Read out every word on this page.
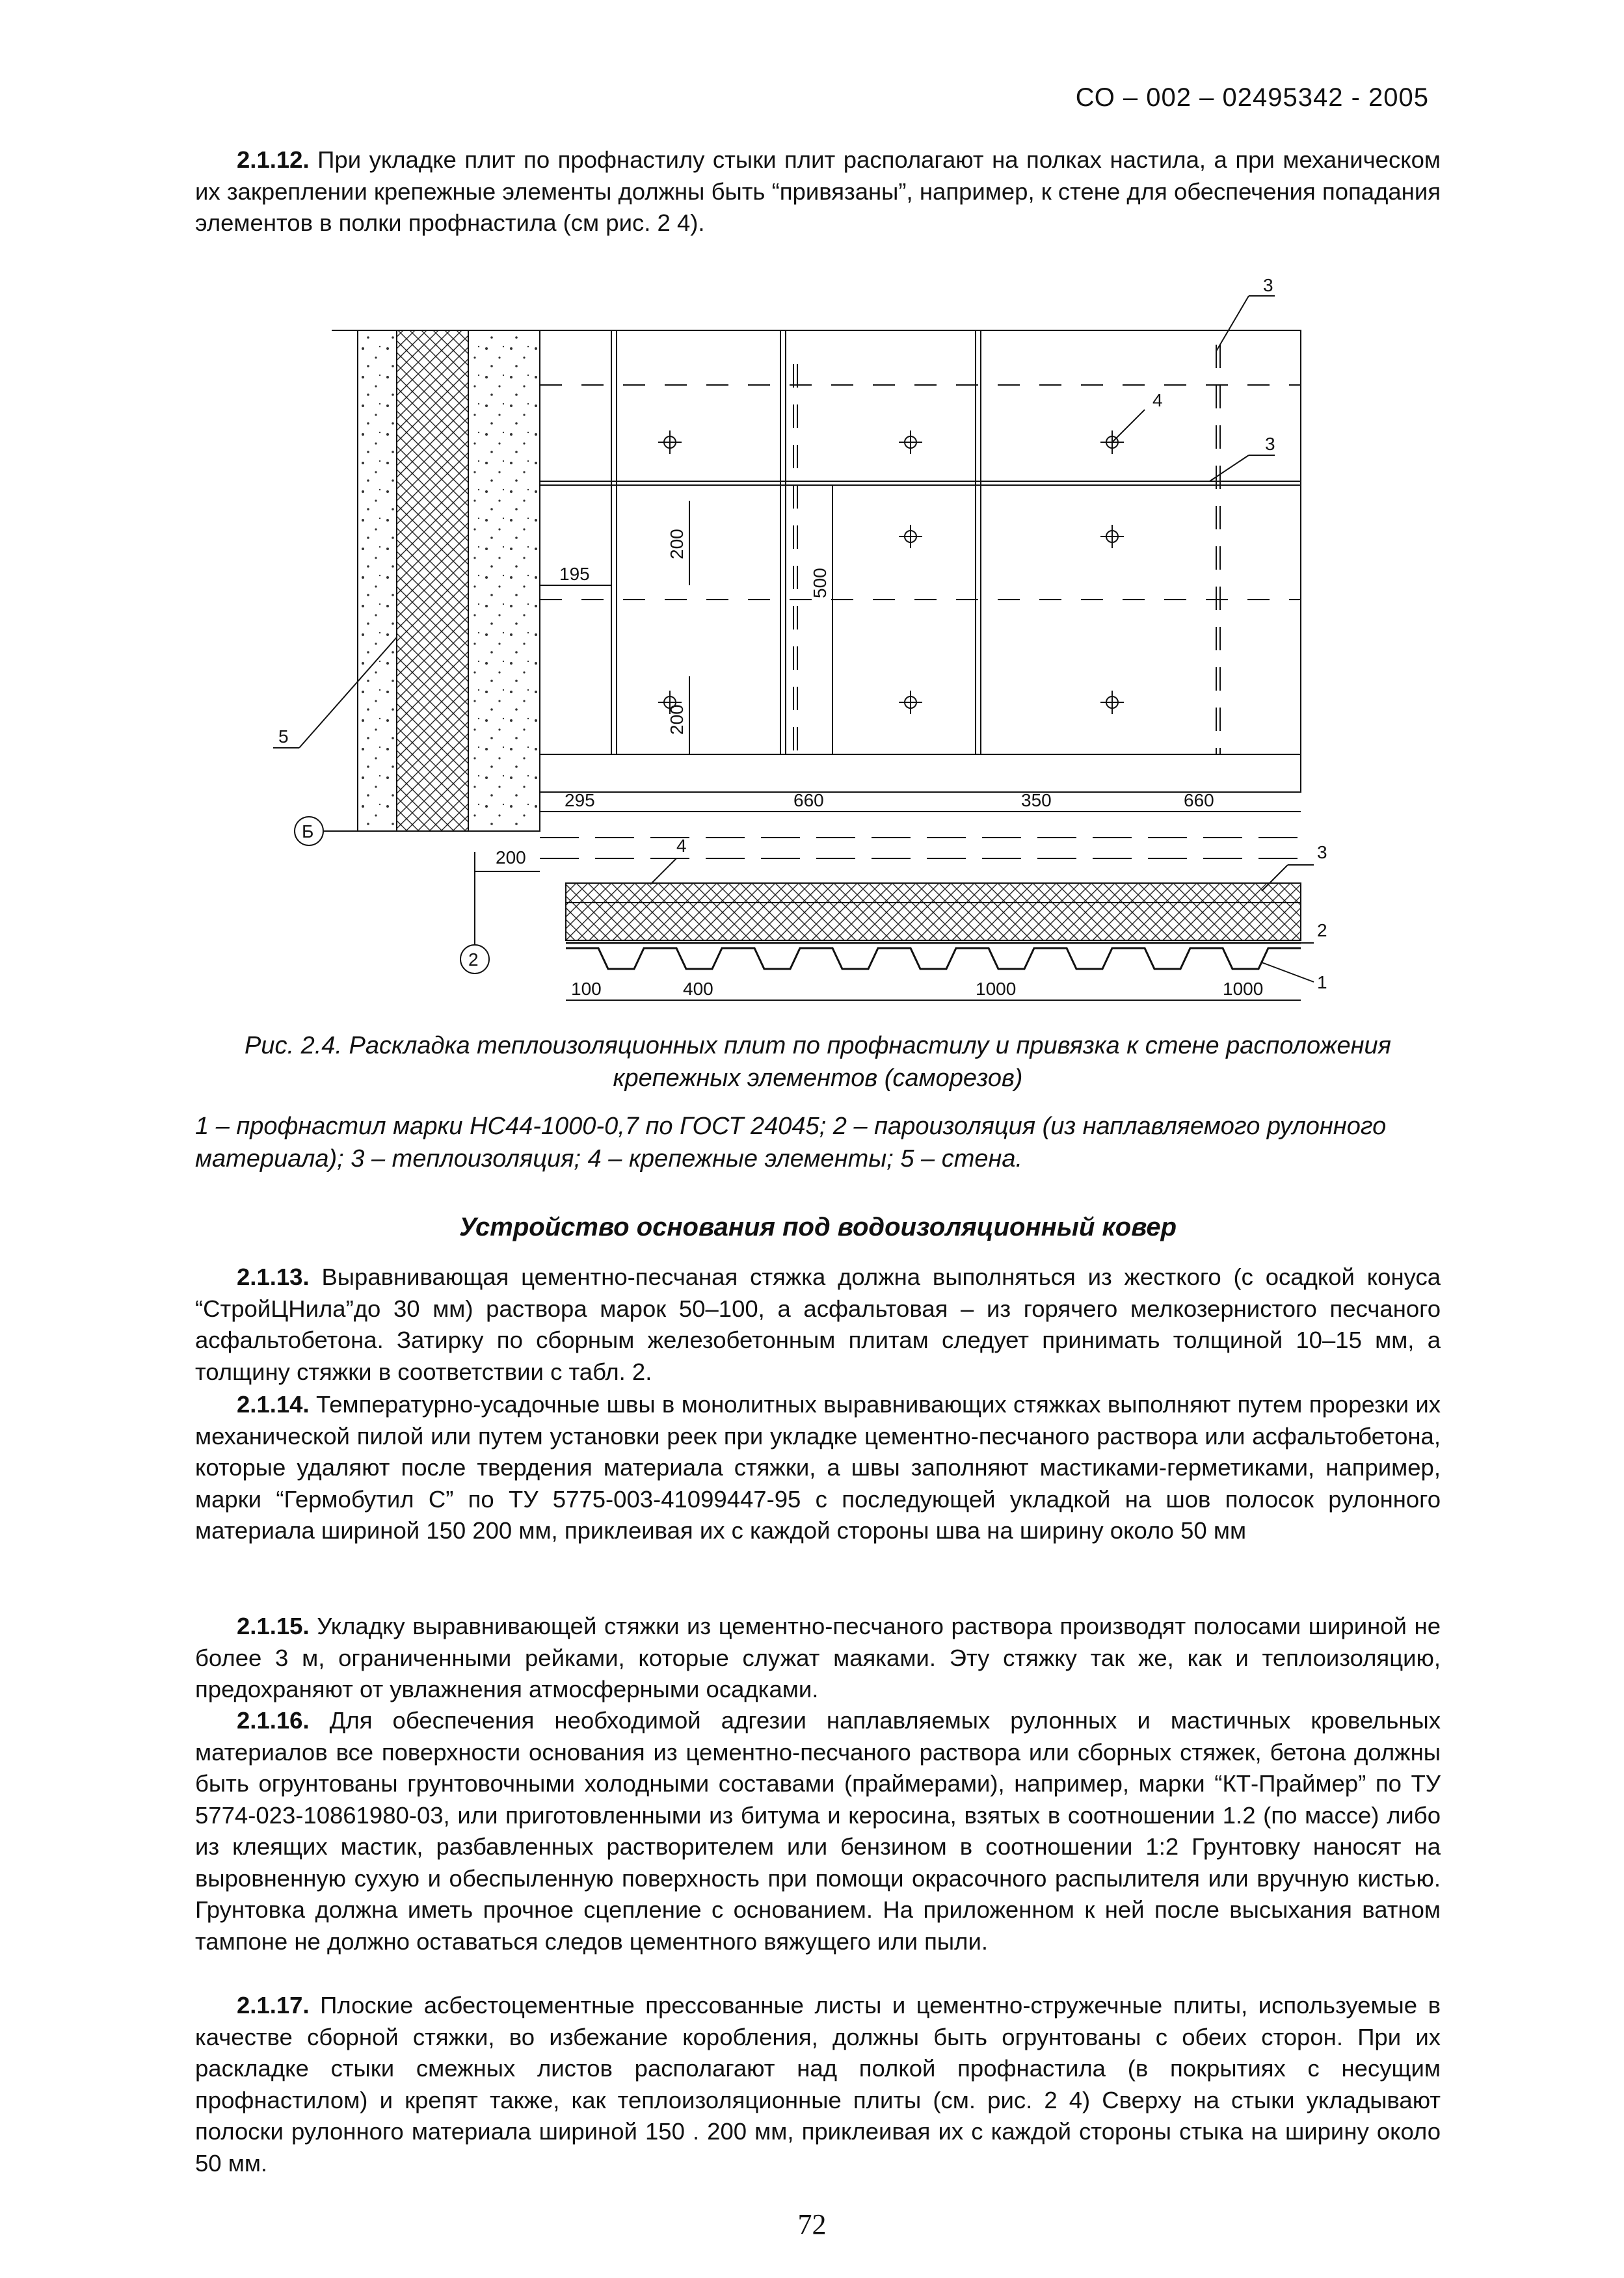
СО – 002 – 02495342 - 2005

2.1.12. При укладке плит по профнастилу стыки плит располагают на полках настила, а при механическом их закреплении крепежные элементы должны быть “привязаны”, например, к стене для обеспечения попадания элементов в полки профнастила (см рис. 2 4).

3
3
4
5
Б
2
195
200
200
500
295	660	350	660
4
200	3
2
1
100	400	1000	1000
Рис. 2.4. Раскладка теплоизоляционных плит по профнастилу и привязка к стене расположения крепежных элементов (саморезов)
1 – профнастил марки НС44-1000-0,7 по ГОСТ 24045; 2 – пароизоляция (из наплавляемого рулонного материала); 3 – теплоизоляция; 4 – крепежные элементы; 5 – стена.
Устройство основания под водоизоляционный ковер

2.1.13. Выравнивающая цементно-песчаная стяжка должна выполняться из жесткого (с осадкой конуса “СтройЦНила”до 30 мм) раствора марок 50–100, а асфальтовая – из горячего мелкозернистого песчаного асфальтобетона. Затирку по сборным железобетонным плитам следует принимать толщиной 10–15 мм, а толщину стяжки в соответствии с табл. 2.

2.1.14. Температурно-усадочные швы в монолитных выравнивающих стяжках выполняют путем прорезки их механической пилой или путем установки реек при укладке цементно-песчаного раствора или асфальтобетона, которые удаляют после твердения материала стяжки, а швы заполняют мастиками-герметиками, например, марки “Гермобутил С” по ТУ 5775-003-41099447-95 с последующей укладкой на шов полосок рулонного материала шириной 150 200 мм, приклеивая их с каждой стороны шва на ширину около 50 мм

2.1.15. Укладку выравнивающей стяжки из цементно-песчаного раствора производят полосами шириной не более 3 м, ограниченными рейками, которые служат маяками. Эту стяжку так же, как и теплоизоляцию, предохраняют от увлажнения атмосферными осадками.

2.1.16. Для обеспечения необходимой адгезии наплавляемых рулонных и мастичных кровельных материалов все поверхности основания из цементно-песчаного раствора или сборных стяжек, бетона должны быть огрунтованы грунтовочными холодными составами (праймерами), например, марки “КТ-Праймер” по ТУ 5774-023-10861980-03, или приготовленными из битума и керосина, взятых в соотношении 1.2 (по массе) либо из клеящих мастик, разбавленных растворителем или бензином в соотношении 1:2 Грунтовку наносят на выровненную сухую и обеспыленную поверхность при помощи окрасочного распылителя или вручную кистью. Грунтовка должна иметь прочное сцепление с основанием. На приложенном к ней после высыхания ватном тампоне не должно оставаться следов цементного вяжущего или пыли.

2.1.17. Плоские асбестоцементные прессованные листы и цементно-стружечные плиты, используемые в качестве сборной стяжки, во избежание коробления, должны быть огрунтованы с обеих сторон. При их раскладке стыки смежных листов располагают над полкой профнастила (в покрытиях с несущим профнастилом) и крепят также, как теплоизоляционные плиты (см. рис. 2 4) Сверху на стыки укладывают полоски рулонного материала шириной 150 . 200 мм, приклеивая их с каждой стороны стыка на ширину около 50 мм.

72
